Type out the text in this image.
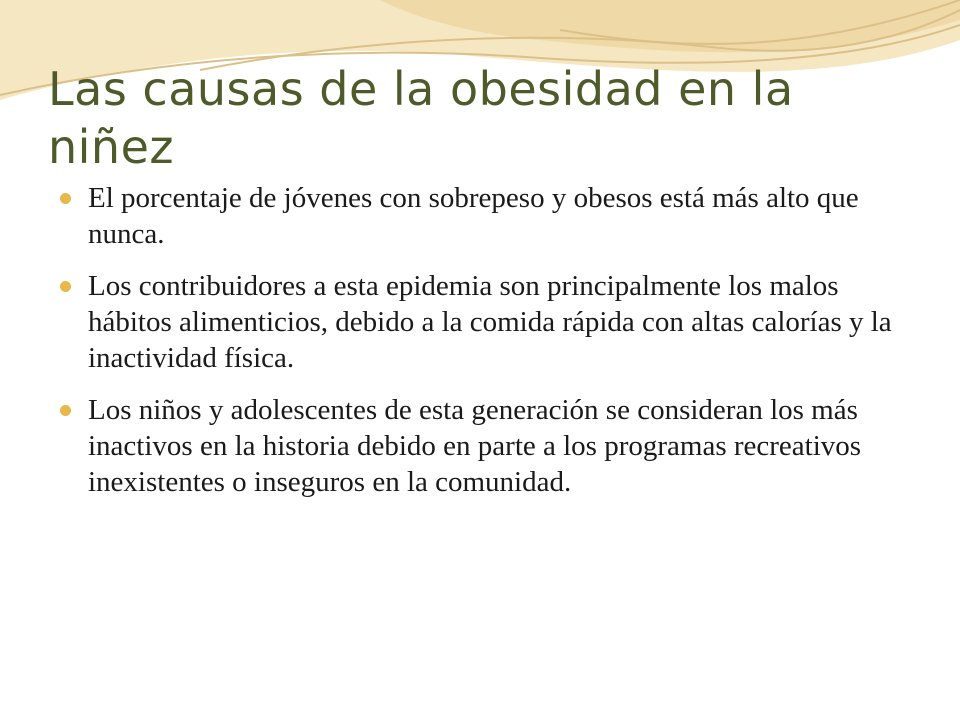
Las causas de la obesidad en la niñez
El porcentaje de jóvenes con sobrepeso y obesos está más alto que nunca.
Los contribuidores a esta epidemia son principalmente los malos hábitos alimenticios, debido a la comida rápida con altas calorías y la inactividad física.
Los niños y adolescentes de esta generación se consideran los más inactivos en la historia debido en parte a los programas recreativos inexistentes o inseguros en la comunidad.
